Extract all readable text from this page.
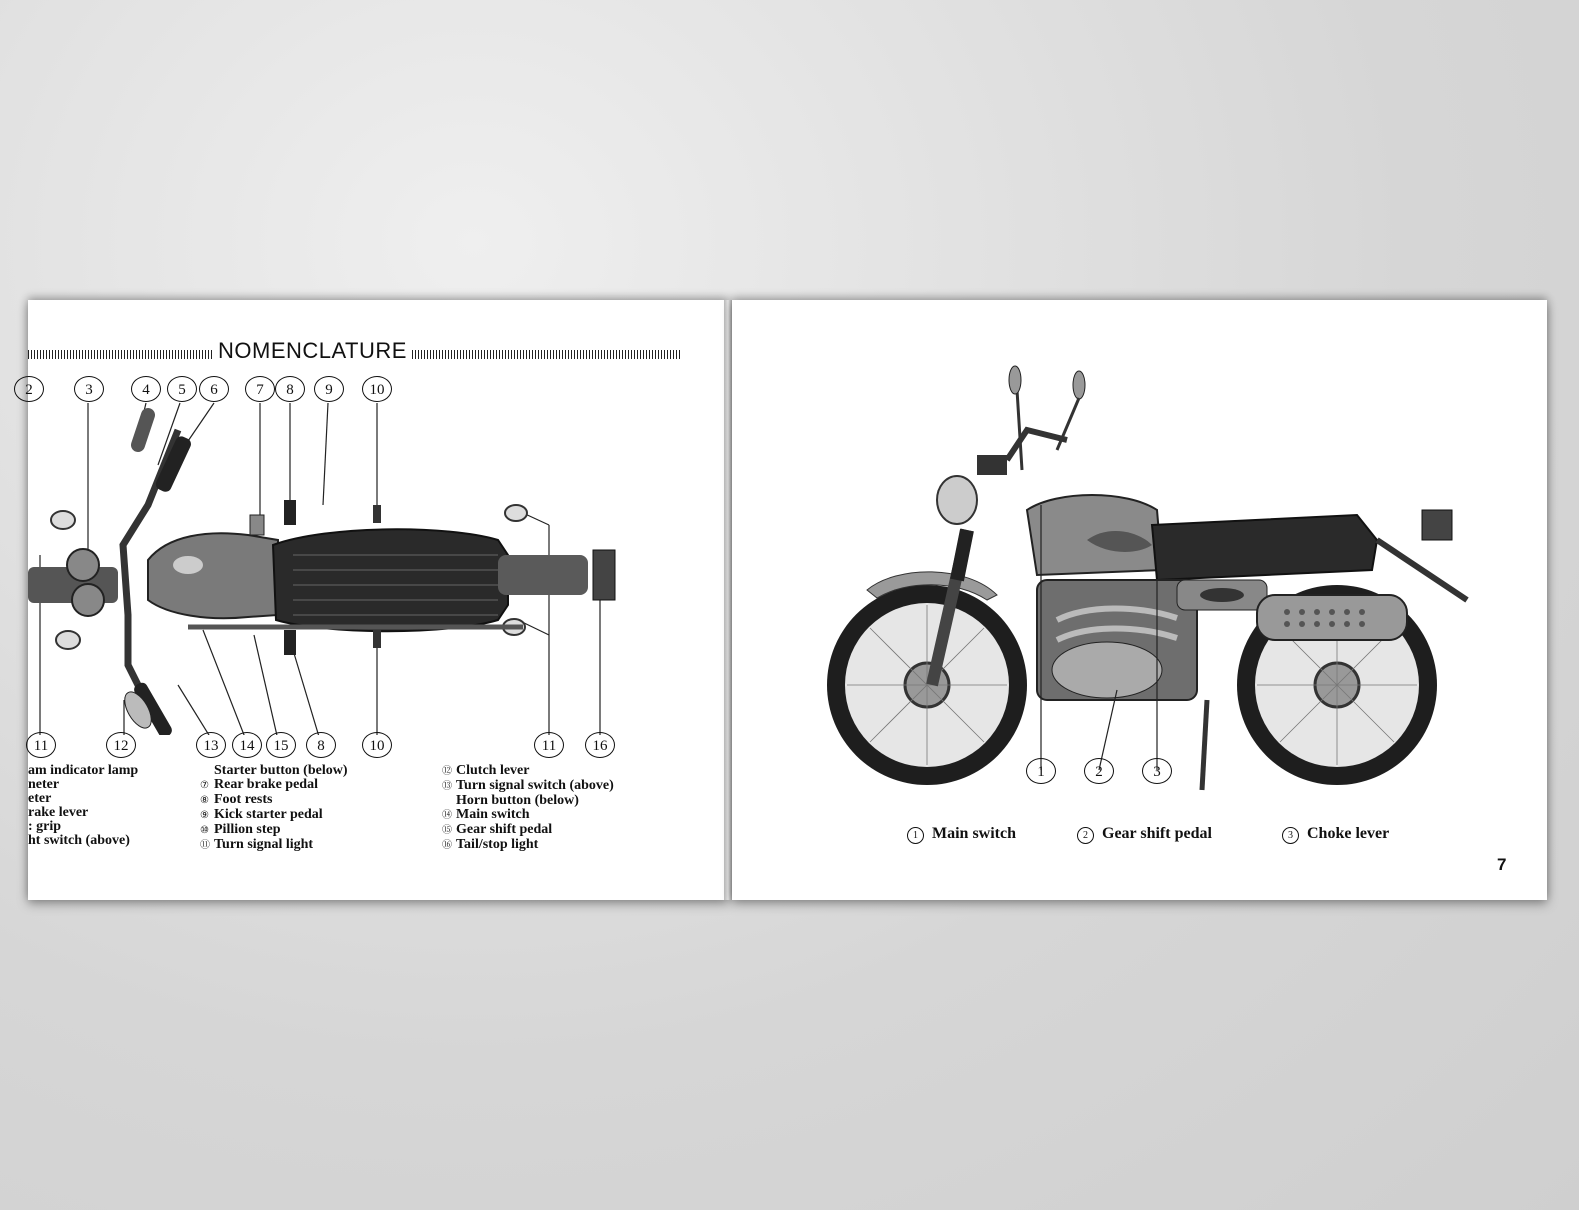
NOMENCLATURE
2	3	4	5	6	7	8	9	10
11	12	13	14	15	8	10	11	16
am indicator lamp
neter
eter
rake lever
: grip
ht switch (above)
Starter button (below)
⑦ Rear brake pedal
⑧ Foot rests
⑨ Kick starter pedal
⑩ Pillion step
⑪ Turn signal light
⑫ Clutch lever
⑬ Turn signal switch (above)
Horn button (below)
⑭ Main switch
⑮ Gear shift pedal
⑯ Tail/stop light
1	2	3
1 Main switch	2 Gear shift pedal	3 Choke lever
7
